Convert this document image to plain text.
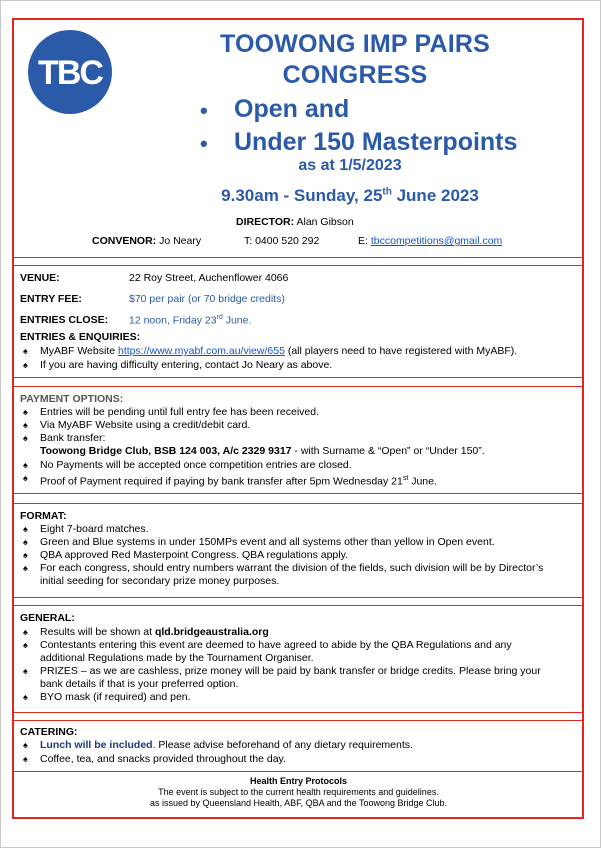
TBC
TOOWONG IMP PAIRS
CONGRESS
• Open and
• Under 150 Masterpoints
as at 1/5/2023
9.30am - Sunday, 25th June 2023
DIRECTOR: Alan Gibson
CONVENOR: Jo Neary	T: 0400 520 292	E: tbccompetitions@gmail.com
VENUE:	22 Roy Street, Auchenflower 4066
ENTRY FEE:	$70 per pair (or 70 bridge credits)
ENTRIES CLOSE: 12 noon, Friday 23rd June.
ENTRIES & ENQUIRIES:
♠ MyABF Website https://www.myabf.com.au/view/655 (all players need to have registered with MyABF).
♠ If you are having difficulty entering, contact Jo Neary as above.
PAYMENT OPTIONS:
♠ Entries will be pending until full entry fee has been received.
♠ Via MyABF Website using a credit/debit card.
♠ Bank transfer:
Toowong Bridge Club, BSB 124 003, A/c 2329 9317 - with Surname & “Open” or “Under 150”.
♠ No Payments will be accepted once competition entries are closed.
♠ Proof of Payment required if paying by bank transfer after 5pm Wednesday 21st June.
FORMAT:
♠ Eight 7-board matches.
♠ Green and Blue systems in under 150MPs event and all systems other than yellow in Open event.
♠ QBA approved Red Masterpoint Congress. QBA regulations apply.
♠ For each congress, should entry numbers warrant the division of the fields, such division will be by Director’s
initial seeding for secondary prize money purposes.
GENERAL:
♠ Results will be shown at qld.bridgeaustralia.org
♠ Contestants entering this event are deemed to have agreed to abide by the QBA Regulations and any
additional Regulations made by the Tournament Organiser.
♠ PRIZES – as we are cashless, prize money will be paid by bank transfer or bridge credits. Please bring your
bank details if that is your preferred option.
♠ BYO mask (if required) and pen.
CATERING:
♠ Lunch will be included. Please advise beforehand of any dietary requirements.
♠ Coffee, tea, and snacks provided throughout the day.
Health Entry Protocols
The event is subject to the current health requirements and guidelines.
as issued by Queensland Health, ABF, QBA and the Toowong Bridge Club.
